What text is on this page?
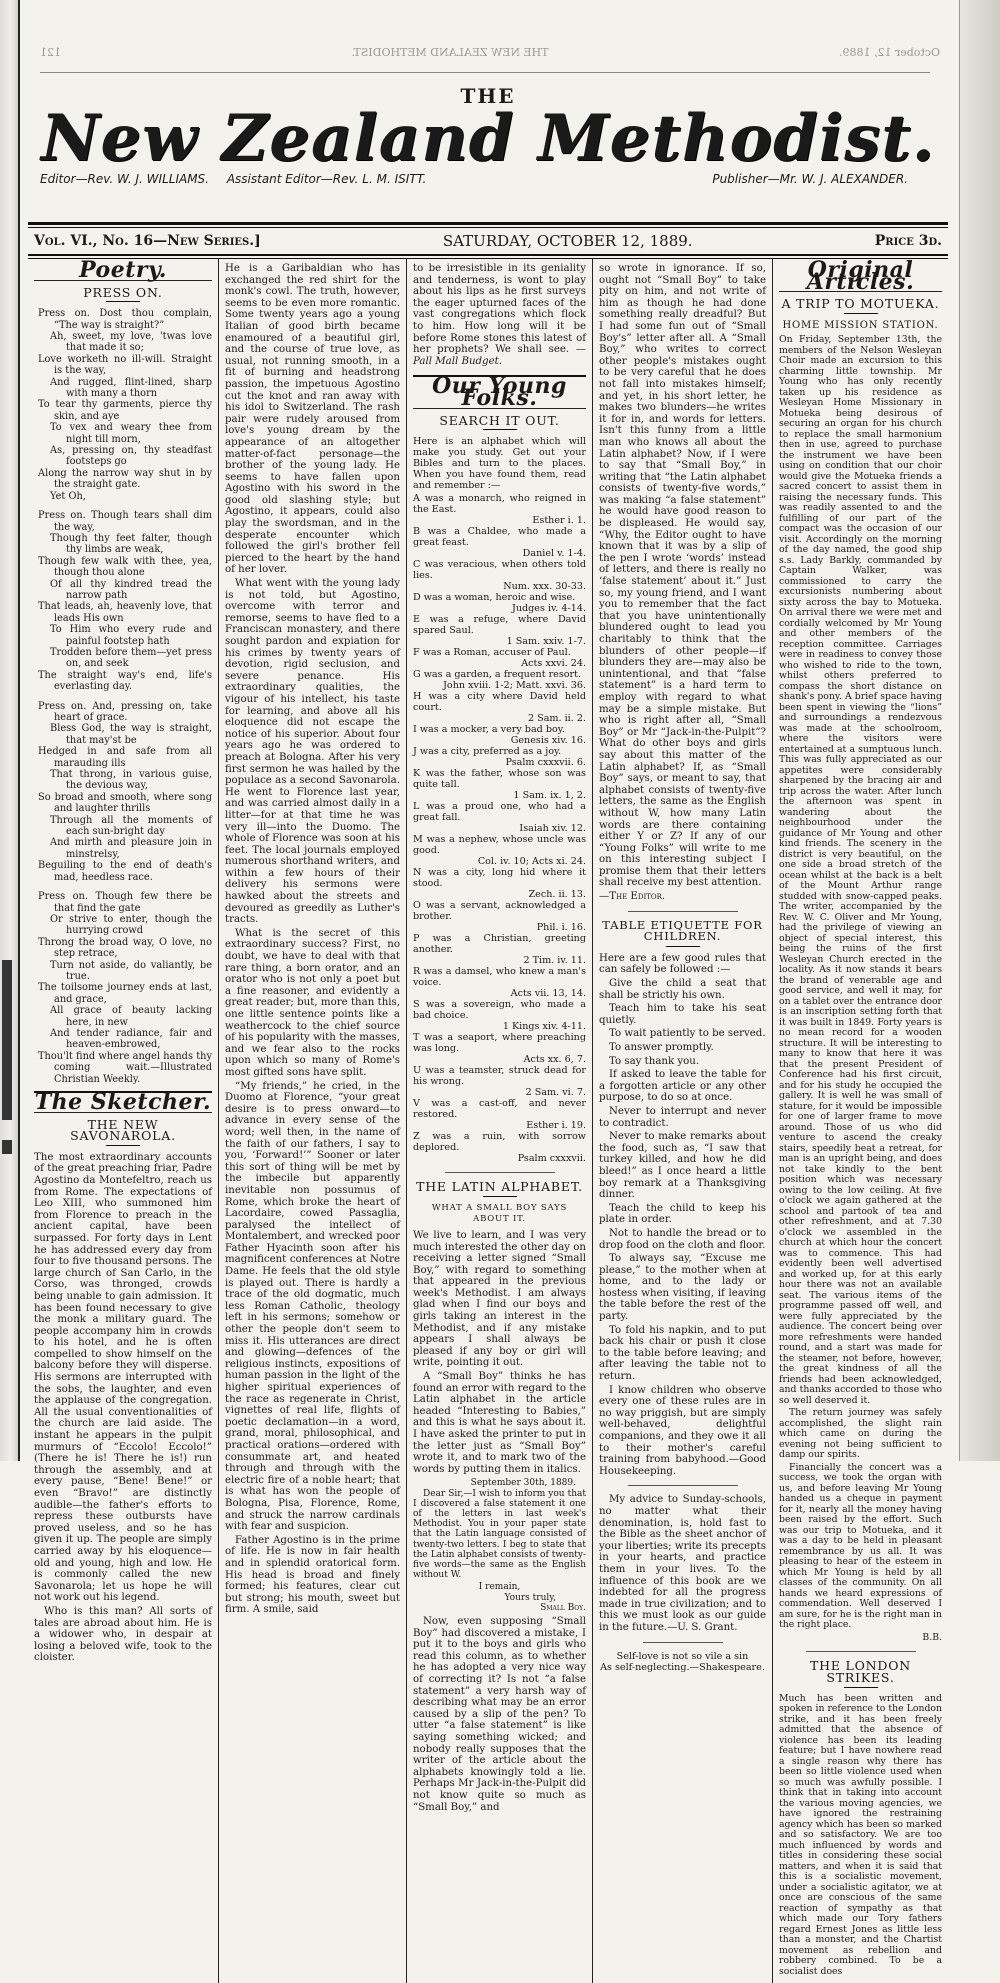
October 12, 1889.
THE NEW ZEALAND METHODIST.
121
THE
New Zealand Methodist.
Editor—Rev. W. J. WILLIAMS. Assistant Editor—Rev. L. M. ISITT.	Publisher—Mr. W. J. ALEXANDER.
Vol. VI., No. 16—New Series.]	SATURDAY, OCTOBER 12, 1889.	Price 3d.
Poetry.
PRESS ON.
Press on. Dost thou complain, “The way is straight?”
Ah, sweet, my love, 'twas love that made it so;
Love worketh no ill-will. Straight is the way,
And rugged, flint-lined, sharp with many a thorn
To tear thy garments, pierce thy skin, and aye
To vex and weary thee from night till morn,
As, pressing on, thy steadfast footsteps go
Along the narrow way shut in by the straight gate.
Yet Oh,
Press on. Though tears shall dim the way,
Though thy feet falter, though thy limbs are weak,
Though few walk with thee, yea, though thou alone
Of all thy kindred tread the narrow path
That leads, ah, heavenly love, that leads His own
To Him who every rude and painful footstep hath
Trodden before them—yet press on, and seek
The straight way's end, life's everlasting day.
Press on. And, pressing on, take heart of grace.
Bless God, the way is straight, that may'st be
Hedged in and safe from all marauding ills
That throng, in various guise, the devious way,
So broad and smooth, where song and laughter thrills
Through all the moments of each sun-bright day
And mirth and pleasure join in minstrelsy,
Beguiling to the end of death's mad, heedless race.
Press on. Though few there be that find the gate
Or strive to enter, though the hurrying crowd
Throng the broad way, O love, no step retrace,
Turn not aside, do valiantly, be true.
The toilsome journey ends at last, and grace,
All grace of beauty lacking here, in new
And tender radiance, fair and heaven-embrowed,
Thou'lt find where angel hands thy coming wait.—Illustrated Christian Weekly.
The Sketcher.
THE NEW SAVONAROLA.

The most extraordinary accounts of the great preaching friar, Padre Agostino da Montefeltro, reach us from Rome. The expectations of Leo XIII, who summoned him from Florence to preach in the ancient capital, have been surpassed. For forty days in Lent he has addressed every day from four to five thousand persons. The large church of San Carlo, in the Corso, was thronged, crowds being unable to gain admission. It has been found necessary to give the monk a military guard. The people accompany him in crowds to his hotel, and he is often compelled to show himself on the balcony before they will disperse. His sermons are interrupted with the sobs, the laughter, and even the applause of the congregation. All the usual conventionalities of the church are laid aside. The instant he appears in the pulpit murmurs of “Eccolo! Eccolo!” (There he is! There he is!) run through the assembly, and at every pause, “Bene! Bene!” or even “Bravo!” are distinctly audible—the father's efforts to repress these outbursts have proved useless, and so he has given it up. The people are simply carried away by his eloquence—old and young, high and low. He is commonly called the new Savonarola; let us hope he will not work out his legend.

Who is this man? All sorts of tales are abroad about him. He is a widower who, in despair at losing a beloved wife, took to the cloister.

He is a Garibaldian who has exchanged the red shirt for the monk's cowl. The truth, however, seems to be even more romantic. Some twenty years ago a young Italian of good birth became enamoured of a beautiful girl, and the course of true love, as usual, not running smooth, in a fit of burning and headstrong passion, the impetuous Agostino cut the knot and ran away with his idol to Switzerland. The rash pair were rudely aroused from love's young dream by the appearance of an altogether matter-of-fact personage—the brother of the young lady. He seems to have fallen upon Agostino with his sword in the good old slashing style; but Agostino, it appears, could also play the swordsman, and in the desperate encounter which followed the girl's brother fell pierced to the heart by the hand of her lover.

What went with the young lady is not told, but Agostino, overcome with terror and remorse, seems to have fled to a Franciscan monastery, and there sought pardon and expiation for his crimes by twenty years of devotion, rigid seclusion, and severe penance. His extraordinary qualities, the vigour of his intellect, his taste for learning, and above all his eloquence did not escape the notice of his superior. About four years ago he was ordered to preach at Bologna. After his very first sermon he was hailed by the populace as a second Savonarola. He went to Florence last year, and was carried almost daily in a litter—for at that time he was very ill—into the Duomo. The whole of Florence was soon at his feet. The local journals employed numerous shorthand writers, and within a few hours of their delivery his sermons were hawked about the streets and devoured as greedily as Luther's tracts.

What is the secret of this extraordinary success? First, no doubt, we have to deal with that rare thing, a born orator, and an orator who is not only a poet but a fine reasoner, and evidently a great reader; but, more than this, one little sentence points like a weathercock to the chief source of his popularity with the masses, and we fear also to the rocks upon which so many of Rome's most gifted sons have split.

“My friends,” he cried, in the Duomo at Florence, “your great desire is to press onward—to advance in every sense of the word; well then, in the name of the faith of our fathers, I say to you, ‘Forward!’” Sooner or later this sort of thing will be met by the imbecile but apparently inevitable non possumus of Rome, which broke the heart of Lacordaire, cowed Passaglia, paralysed the intellect of Montalembert, and wrecked poor Father Hyacinth soon after his magnificent conferences at Notre Dame. He feels that the old style is played out. There is hardly a trace of the old dogmatic, much less Roman Catholic, theology left in his sermons; somehow or other the people don't seem to miss it. His utterances are direct and glowing—defences of the religious instincts, expositions of human passion in the light of the higher spiritual experiences of the race as regenerate in Christ, vignettes of real life, flights of poetic declamation—in a word, grand, moral, philosophical, and practical orations—ordered with consummate art, and heated through and through with the electric fire of a noble heart; that is what has won the people of Bologna, Pisa, Florence, Rome, and struck the narrow cardinals with fear and suspicion.

Father Agostino is in the prime of life. He is now in fair health and in splendid oratorical form. His head is broad and finely formed; his features, clear cut but strong; his mouth, sweet but firm. A smile, said

to be irresistible in its geniality and tenderness, is wont to play about his lips as he first surveys the eager upturned faces of the vast congregations which flock to him. How long will it be before Rome stones this latest of her prophets? We shall see. —Pall Mall Budget.

Our Young Folks.
SEARCH IT OUT.

Here is an alphabet which will make you study. Get out your Bibles and turn to the places. When you have found them, read and remember :—

A was a monarch, who reigned in the East.
Esther i. 1.
B was a Chaldee, who made a great feast.
Daniel v. 1-4.
C was veracious, when others told lies.
Num. xxx. 30-33.
D was a woman, heroic and wise.
Judges iv. 4-14.
E was a refuge, where David spared Saul.
1 Sam. xxiv. 1-7.
F was a Roman, accuser of Paul.
Acts xxvi. 24.
G was a garden, a frequent resort.
John xviii. 1-2; Matt. xxvi. 36.
H was a city where David held court.
2 Sam. ii. 2.
I was a mocker, a very bad boy.
Genesis xiv. 16.
J was a city, preferred as a joy.
Psalm cxxxvii. 6.
K was the father, whose son was quite tall.
1 Sam. ix. 1, 2.
L was a proud one, who had a great fall.
Isaiah xiv. 12.
M was a nephew, whose uncle was good.
Col. iv. 10; Acts xi. 24.
N was a city, long hid where it stood.
Zech. ii. 13.
O was a servant, acknowledged a brother.
Phil. i. 16.
P was a Christian, greeting another.
2 Tim. iv. 11.
R was a damsel, who knew a man's voice.
Acts vii. 13, 14.
S was a sovereign, who made a bad choice.
1 Kings xiv. 4-11.
T was a seaport, where preaching was long.
Acts xx. 6, 7.
U was a teamster, struck dead for his wrong.
2 Sam. vi. 7.
V was a cast-off, and never restored.
Esther i. 19.
Z was a ruin, with sorrow deplored.
Psalm cxxxvii.
THE LATIN ALPHABET.
WHAT A SMALL BOY SAYS ABOUT IT.

We live to learn, and I was very much interested the other day on receiving a letter signed “Small Boy,” with regard to something that appeared in the previous week's Methodist. I am always glad when I find our boys and girls taking an interest in the Methodist, and if any mistake appears I shall always be pleased if any boy or girl will write, pointing it out.

A “Small Boy” thinks he has found an error with regard to the Latin alphabet in the article headed “Interesting to Babies,” and this is what he says about it. I have asked the printer to put in the letter just as “Small Boy” wrote it, and to mark two of the words by putting them in italics.

September 30th, 1889.

Dear Sir,—I wish to inform you that I discovered a false statement it one of the letters in last week's Methodist. You in your paper state that the Latin language consisted of twenty-two letters. I beg to state that the Latin alphabet consists of twenty-five words—the same as the English without W.

I remain,
Yours truly,
Small Boy.

Now, even supposing “Small Boy” had discovered a mistake, I put it to the boys and girls who read this column, as to whether he has adopted a very nice way of correcting it? Is not “a false statement” a very harsh way of describing what may be an error caused by a slip of the pen? To utter “a false statement” is like saying something wicked; and nobody really supposes that the writer of the article about the alphabets knowingly told a lie. Perhaps Mr Jack-in-the-Pulpit did not know quite so much as “Small Boy,” and

so wrote in ignorance. If so, ought not “Small Boy” to take pity on him, and not write of him as though he had done something really dreadful? But I had some fun out of “Small Boy's” letter after all. A “Small Boy,” who writes to correct other people's mistakes ought to be very careful that he does not fall into mistakes himself; and yet, in his short letter, he makes two blunders—he writes it for in, and words for letters. Isn't this funny from a little man who knows all about the Latin alphabet? Now, if I were to say that “Small Boy,” in writing that “the Latin alphabet consists of twenty-five words,” was making “a false statement” he would have good reason to be displeased. He would say, “Why, the Editor ought to have known that it was by a slip of the pen I wrote ‘words’ instead of letters, and there is really no ‘false statement’ about it.” Just so, my young friend, and I want you to remember that the fact that you have unintentionally blundered ought to lead you charitably to think that the blunders of other people—if blunders they are—may also be unintentional, and that “false statement” is a hard term to employ with regard to what may be a simple mistake. But who is right after all, “Small Boy” or Mr “Jack-in-the-Pulpit”? What do other boys and girls say about this matter of the Latin alphabet? If, as “Small Boy” says, or meant to say, that alphabet consists of twenty-five letters, the same as the English without W, how many Latin words are there containing either Y or Z? If any of our “Young Folks” will write to me on this interesting subject I promise them that their letters shall receive my best attention.

—The Editor.
TABLE ETIQUETTE FOR CHILDREN.

Here are a few good rules that can safely be followed :—

Give the child a seat that shall be strictly his own.

Teach him to take his seat quietly.

To wait patiently to be served.

To answer promptly.

To say thank you.

If asked to leave the table for a forgotten article or any other purpose, to do so at once.

Never to interrupt and never to contradict.

Never to make remarks about the food, such as, “I saw that turkey killed, and how he did bleed!” as I once heard a little boy remark at a Thanksgiving dinner.

Teach the child to keep his plate in order.

Not to handle the bread or to drop food on the cloth and floor.

To always say, “Excuse me please,” to the mother when at home, and to the lady or hostess when visiting, if leaving the table before the rest of the party.

To fold his napkin, and to put back his chair or push it close to the table before leaving; and after leaving the table not to return.

I know children who observe every one of these rules are in no way priggish, but are simply well-behaved, delightful companions, and they owe it all to their mother's careful training from babyhood.—Good Housekeeping.

My advice to Sunday-schools, no matter what their denomination, is, hold fast to the Bible as the sheet anchor of your liberties; write its precepts in your hearts, and practice them in your lives. To the influence of this book are we indebted for all the progress made in true civilization; and to this we must look as our guide in the future.—U. S. Grant.

Self-love is not so vile a sin
As self-neglecting.—Shakespeare.
Original Articles.
A TRIP TO MOTUEKA.
HOME MISSION STATION.

On Friday, September 13th, the members of the Nelson Wesleyan Choir made an excursion to this charming little township. Mr Young who has only recently taken up his residence as Wesleyan Home Missionary in Motueka being desirous of securing an organ for his church to replace the small harmonium then in use, agreed to purchase the instrument we have been using on condition that our choir would give the Motueka friends a sacred concert to assist them in raising the necessary funds. This was readily assented to and the fulfilling of our part of the compact was the occasion of our visit. Accordingly on the morning of the day named, the good ship s.s. Lady Barkly, commanded by Captain Walker, was commissioned to carry the excursionists numbering about sixty across the bay to Motueka. On arrival there we were met and cordially welcomed by Mr Young and other members of the reception committee. Carriages were in readiness to convey those who wished to ride to the town, whilst others preferred to compass the short distance on shank's pony. A brief space having been spent in viewing the “lions” and surroundings a rendezvous was made at the schoolroom, where the visitors were entertained at a sumptuous lunch. This was fully appreciated as our appetites were considerably sharpened by the bracing air and trip across the water. After lunch the afternoon was spent in wandering about the neighbourhood under the guidance of Mr Young and other kind friends. The scenery in the district is very beautiful, on the one side a broad stretch of the ocean whilst at the back is a belt of the Mount Arthur range studded with snow-capped peaks. The writer, accompanied by the Rev. W. C. Oliver and Mr Young, had the privilege of viewing an object of special interest, this being the ruins of the first Wesleyan Church erected in the locality. As it now stands it bears the brand of venerable age and good service, and well it may, for on a tablet over the entrance door is an inscription setting forth that it was built in 1849. Forty years is no mean record for a wooden structure. It will be interesting to many to know that here it was that the present President of Conference had his first circuit, and for his study he occupied the gallery. It is well he was small of stature, for it would be impossible for one of larger frame to move around. Those of us who did venture to ascend the creaky stairs, speedily beat a retreat, for man is an upright being, and does not take kindly to the bent position which was necessary owing to the low ceiling. At five o'clock we again gathered at the school and partook of tea and other refreshment, and at 7.30 o'clock we assembled in the church at which hour the concert was to commence. This had evidently been well advertised and worked up, for at this early hour there was not an available seat. The various items of the programme passed off well, and were fully appreciated by the audience. The concert being over more refreshments were handed round, and a start was made for the steamer, not before, however, the great kindness of all the friends had been acknowledged, and thanks accorded to those who so well deserved it.

The return journey was safely accomplished, the slight rain which came on during the evening not being sufficient to damp our spirits.

Financially the concert was a success, we took the organ with us, and before leaving Mr Young handed us a cheque in payment for it, nearly all the money having been raised by the effort. Such was our trip to Motueka, and it was a day to be held in pleasant remembrance by us all. It was pleasing to hear of the esteem in which Mr Young is held by all classes of the community. On all hands we heard expressions of commendation. Well deserved I am sure, for he is the right man in the right place.

B.B.
THE LONDON STRIKES.

Much has been written and spoken in reference to the London strike, and it has been freely admitted that the absence of violence has been its leading feature; but I have nowhere read a single reason why there has been so little violence used when so much was awfully possible. I think that in taking into account the various moving agencies, we have ignored the restraining agency which has been so marked and so satisfactory. We are too much influenced by words and titles in considering these social matters, and when it is said that this is a socialistic movement, under a socialistic agitator, we at once are conscious of the same reaction of sympathy as that which made our Tory fathers regard Ernest Jones as little less than a monster, and the Chartist movement as rebellion and robbery combined. To be a socialist does
